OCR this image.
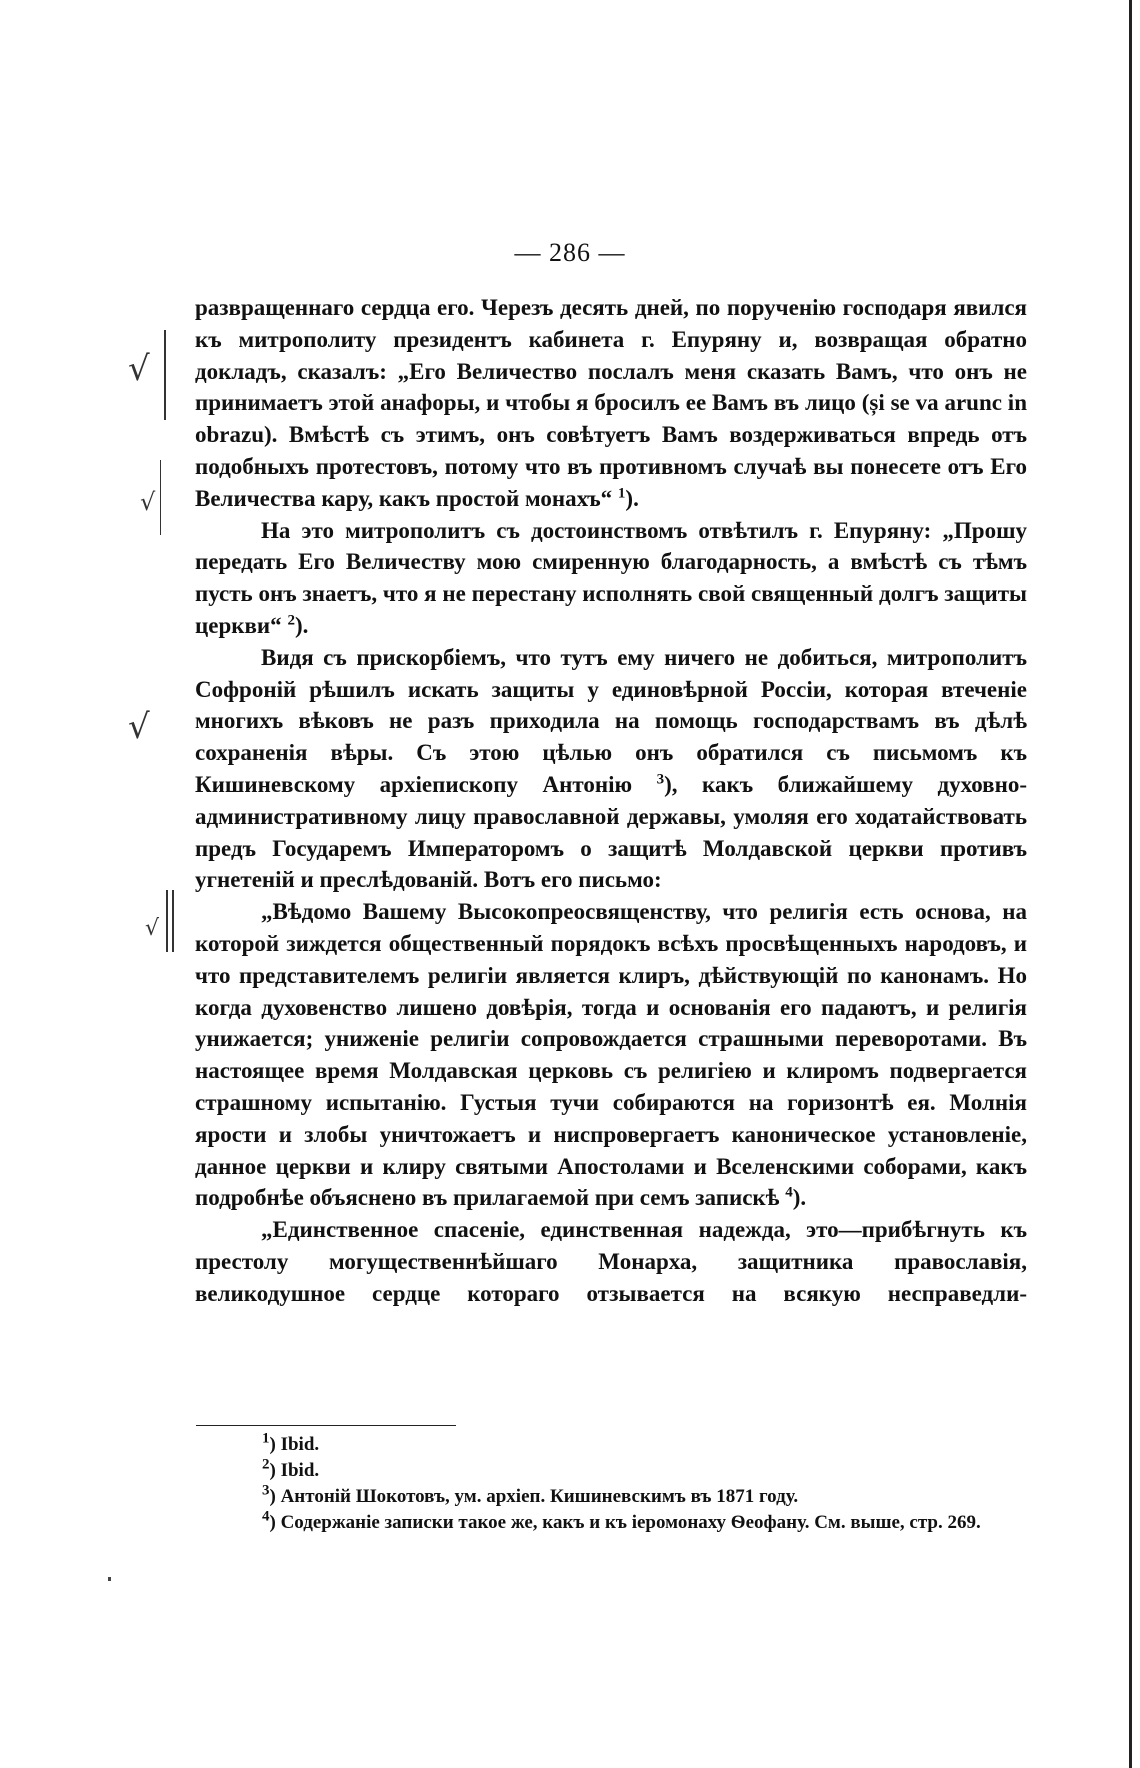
— 286 —
√
√
√
√

развращеннаго сердца его. Черезъ десять дней, по порученію господаря явился къ митрополиту президентъ кабинета г. Епуряну и, возвращая обратно докладъ, сказалъ: „Его Величество послалъ меня сказать Вамъ, что онъ не принимаетъ этой анафоры, и чтобы я бросилъ ее Вамъ въ лицо (și se va arunc in obrazu). Вмѣстѣ съ этимъ, онъ совѣтуетъ Вамъ воздерживаться впредь отъ подобныхъ протестовъ, потому что въ противномъ случаѣ вы понесете отъ Его Величества кару, какъ простой монахъ“ $^1$).

На это митрополитъ съ достоинствомъ отвѣтилъ г. Епуряну: „Прошу передать Его Величеству мою смиренную благодарность, а вмѣстѣ съ тѣмъ пусть онъ знаетъ, что я не перестану исполнять свой священный долгъ защиты церкви“ $^2$).

Видя съ прискорбіемъ, что тутъ ему ничего не добиться, митрополитъ Софроній рѣшилъ искать защиты у единовѣрной Россіи, которая втеченіе многихъ вѣковъ не разъ приходила на помощь господарствамъ въ дѣлѣ сохраненія вѣры. Съ этою цѣлью онъ обратился съ письмомъ къ Кишиневскому архіепископу Антонію $^3$), какъ ближайшему духовно-административному лицу православной державы, умоляя его ходатайствовать предъ Государемъ Императоромъ о защитѣ Молдавской церкви противъ угнетеній и преслѣдованій. Вотъ его письмо:

„Вѣдомо Вашему Высокопреосвященству, что религія есть основа, на которой зиждется общественный порядокъ всѣхъ просвѣщенныхъ народовъ, и что представителемъ религіи является клиръ, дѣйствующій по канонамъ. Но когда духовенство лишено довѣрія, тогда и основанія его падаютъ, и религія унижается; униженіе религіи сопровождается страшными переворотами. Въ настоящее время Молдавская церковь съ религіею и клиромъ подвергается страшному испытанію. Густыя тучи собираются на горизонтѣ ея. Молнія ярости и злобы уничтожаетъ и ниспровергаетъ каноническое установленіе, данное церкви и клиру святыми Апостолами и Вселенскими соборами, какъ подробнѣе объяснено въ прилагаемой при семъ запискѣ $^4$).

„Единственное спасеніе, единственная надежда, это—прибѣгнуть къ престолу могущественнѣйшаго Монарха, защитника православія, великодушное сердце котораго отзывается на всякую несправедли-

$^1$) Ibid.

$^2$) Ibid.

$^3$) Антоній Шокотовъ, ум. архіеп. Кишиневскимъ въ 1871 году.

$^4$) Содержаніе записки такое же, какъ и къ іеромонаху Ѳеофану. См. выше, стр. 269.
